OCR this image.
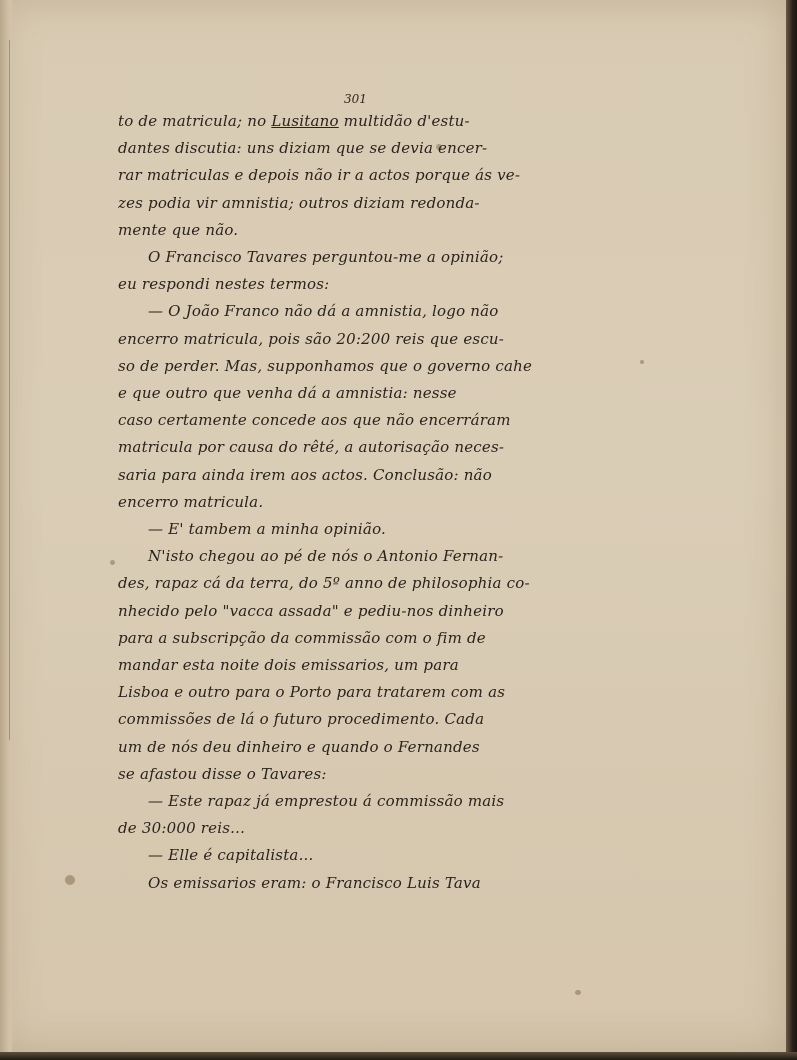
301
to de matricula; no Lusitano multidão d'estu-
dantes discutia: uns diziam que se devia encer-
rar matriculas e depois não ir a actos porque ás ve-
zes podia vir amnistia; outros diziam redonda-
mente que não.
O Francisco Tavares perguntou-me a opinião;
eu respondi nestes termos:
— O João Franco não dá a amnistia, logo não
encerro matricula, pois são 20:200 reis que escu-
so de perder. Mas, supponhamos que o governo cahe
e que outro que venha dá a amnistia: nesse
caso certamente concede aos que não encerráram
matricula por causa do rêté, a autorisação neces-
saria para ainda irem aos actos. Conclusão: não
encerro matricula.
— E' tambem a minha opinião.
N'isto chegou ao pé de nós o Antonio Fernan-
des, rapaz cá da terra, do 5º anno de philosophia co-
nhecido pelo "vacca assada" e pediu-nos dinheiro
para a subscripção da commissão com o fim de
mandar esta noite dois emissarios, um para
Lisboa e outro para o Porto para tratarem com as
commissões de lá o futuro procedimento. Cada
um de nós deu dinheiro e quando o Fernandes
se afastou disse o Tavares:
— Este rapaz já emprestou á commissão mais
de 30:000 reis...
— Elle é capitalista...
Os emissarios eram: o Francisco Luis Tava
